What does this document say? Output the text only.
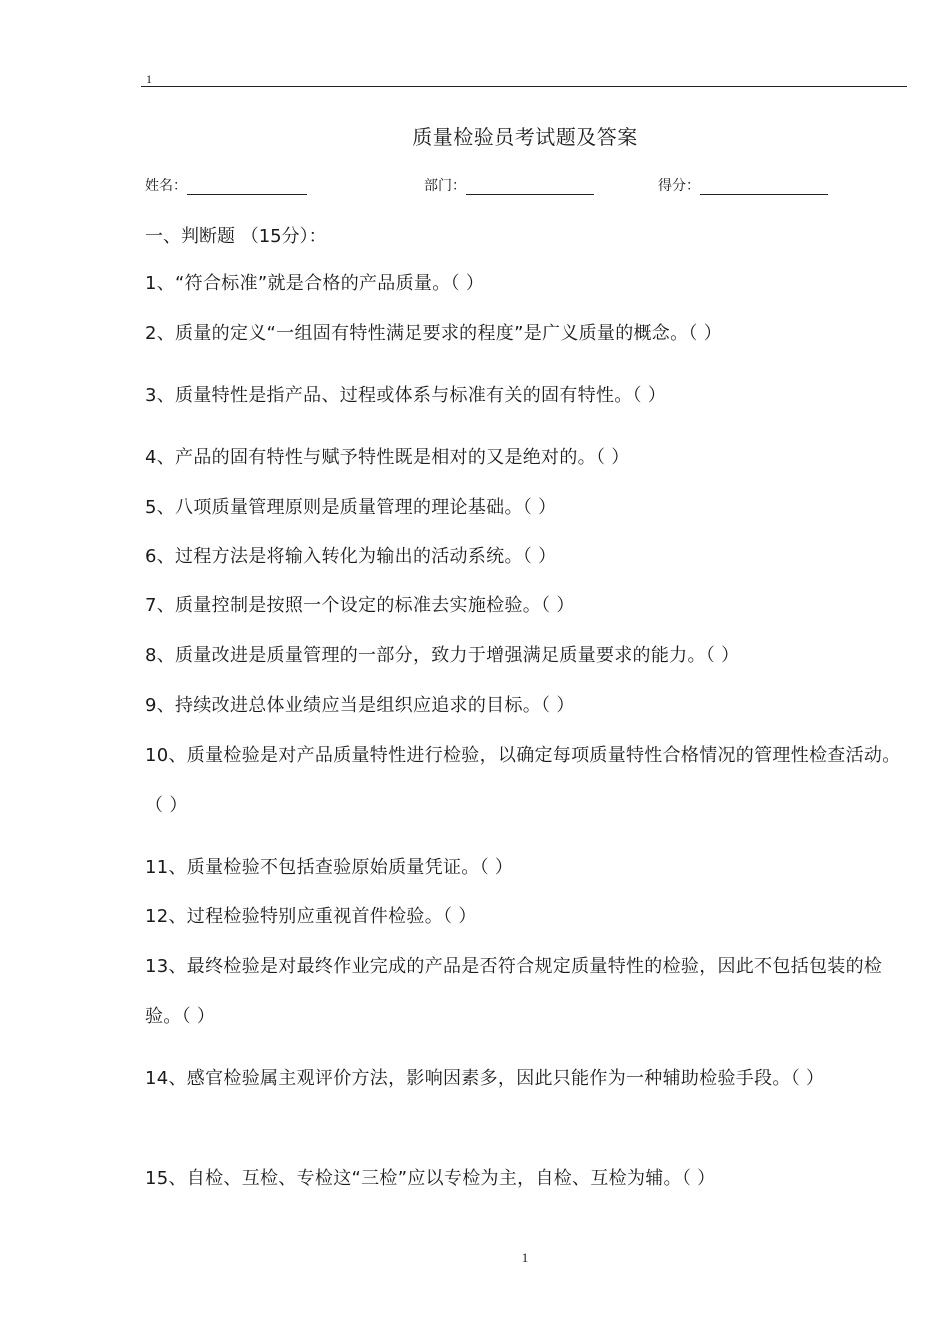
1
质量检验员考试题及答案
姓名：	部门：	得分：
一、判断题 （15分）：
1、“符合标准”就是合格的产品质量。（ ）
2、质量的定义“一组固有特性满足要求的程度”是广义质量的概念。（ ）
3、质量特性是指产品、过程或体系与标准有关的固有特性。（ ）
4、产品的固有特性与赋予特性既是相对的又是绝对的。（ ）
5、八项质量管理原则是质量管理的理论基础。（ ）
6、过程方法是将输入转化为输出的活动系统。（ ）
7、质量控制是按照一个设定的标准去实施检验。（ ）
8、质量改进是质量管理的一部分，致力于增强满足质量要求的能力。（ ）
9、持续改进总体业绩应当是组织应追求的目标。（ ）
10、质量检验是对产品质量特性进行检验，以确定每项质量特性合格情况的管理性检查活动。（ ）
11、质量检验不包括查验原始质量凭证。（ ）
12、过程检验特别应重视首件检验。（ ）
13、最终检验是对最终作业完成的产品是否符合规定质量特性的检验，因此不包括包装的检验。（ ）
14、感官检验属主观评价方法，影响因素多，因此只能作为一种辅助检验手段。（ ）
15、自检、互检、专检这“三检”应以专检为主，自检、互检为辅。（ ）
1
